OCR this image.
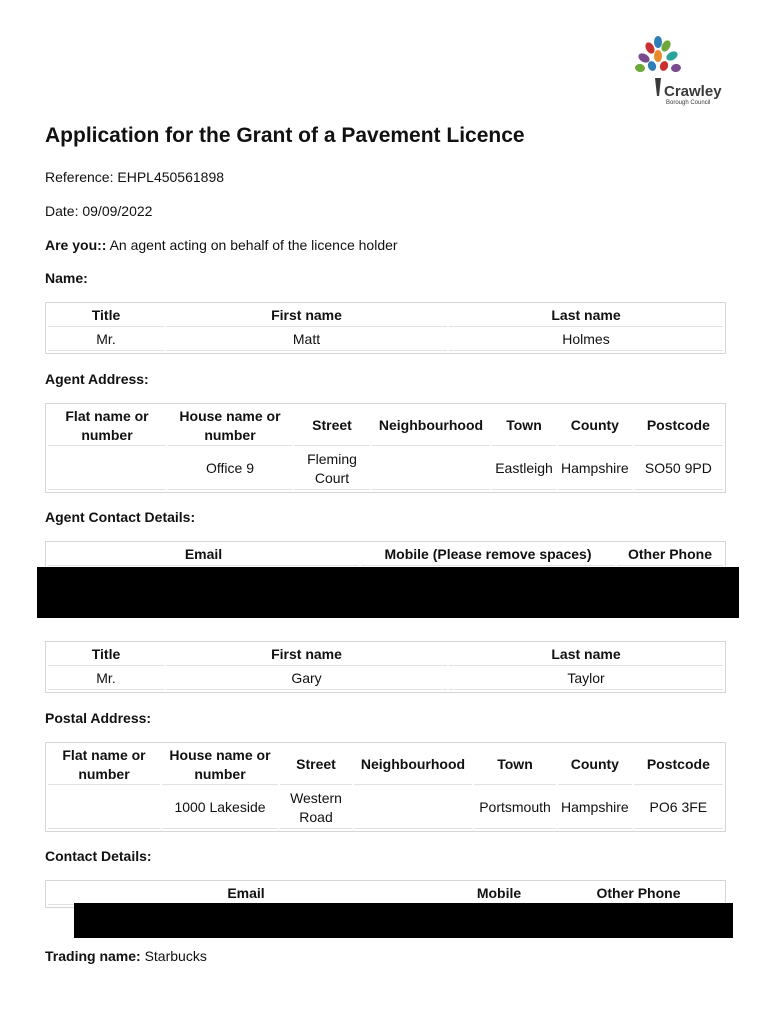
Crawley
Borough Council
Application for the Grant of a Pavement Licence
Reference: EHPL450561898
Date: 09/09/2022
Are you:: An agent acting on behalf of the licence holder
Name:
Title	First name	Last name
Mr.	Matt	Holmes
Agent Address:
Flat name or number	House name or number	Street	Neighbourhood	Town	County	Postcode
	Office 9	Fleming Court		Eastleigh	Hampshire	SO50 9PD
Agent Contact Details:
Email	Mobile (Please remove spaces)	Other Phone
Title	First name	Last name
Mr.	Gary	Taylor
Postal Address:
Flat name or number	House name or number	Street	Neighbourhood	Town	County	Postcode
	1000 Lakeside	Western Road		Portsmouth	Hampshire	PO6 3FE
Contact Details:
Email	Mobile	Other Phone
Trading name: Starbucks
